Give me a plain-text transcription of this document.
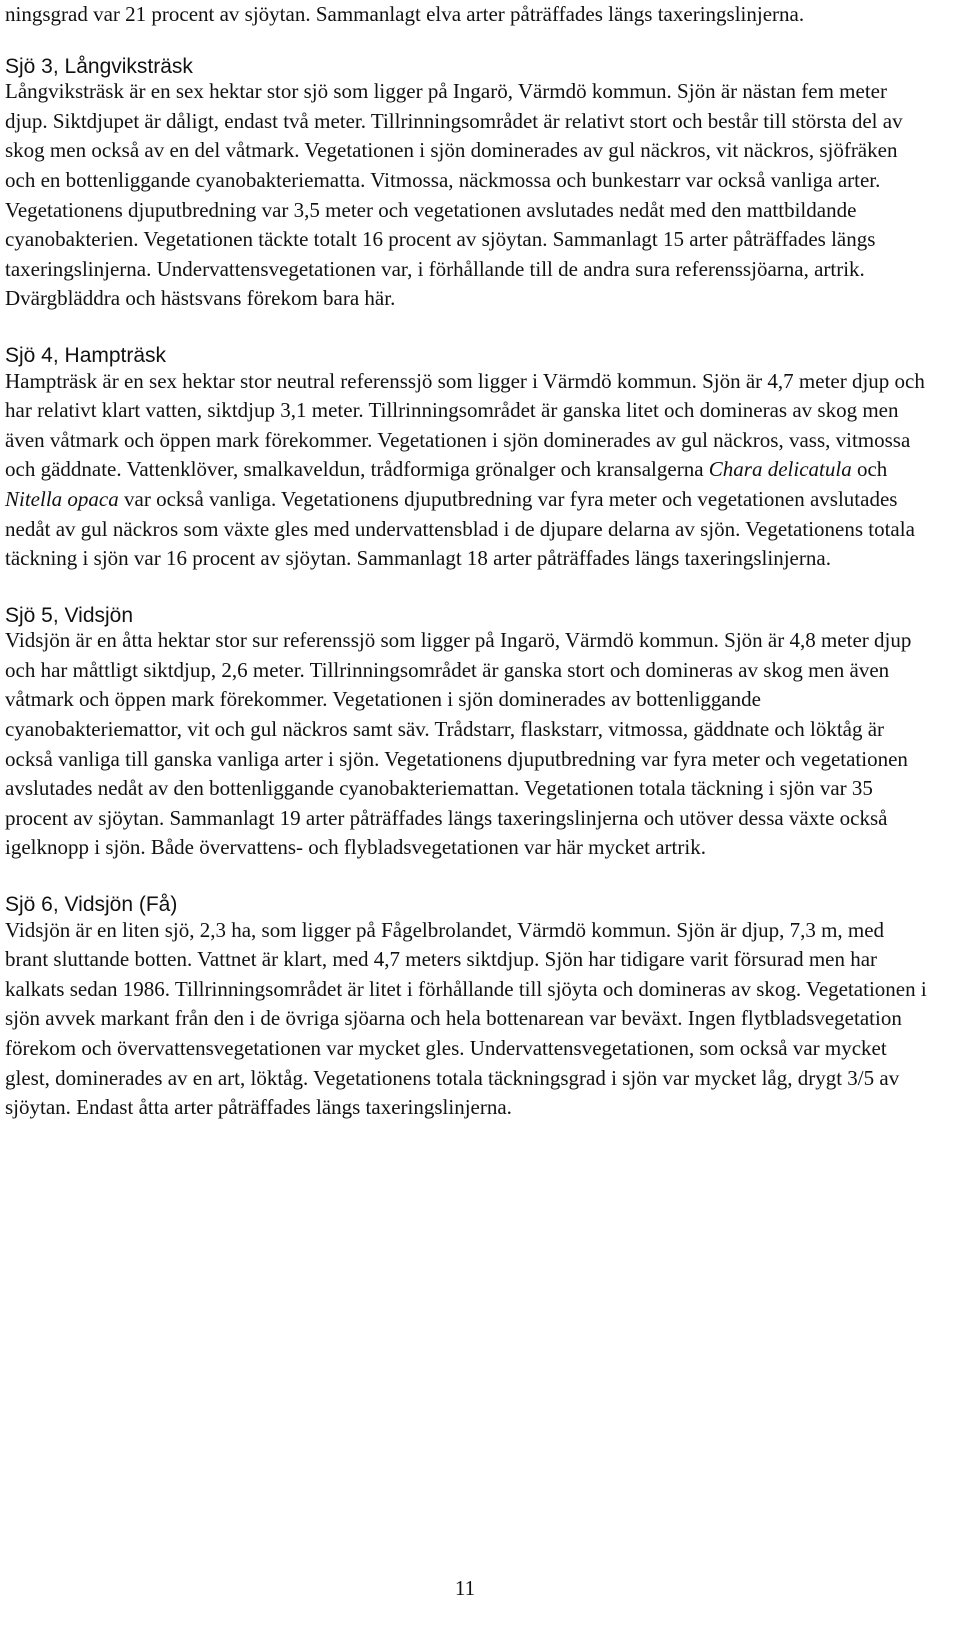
ningsgrad var 21 procent av sjöytan. Sammanlagt elva arter påträffades längs taxeringslinjerna.

Sjö 3, Långviksträsk

Långviksträsk är en sex hektar stor sjö som ligger på Ingarö, Värmdö kommun. Sjön är nästan fem meter djup. Siktdjupet är dåligt, endast två meter. Tillrinningsområdet är relativt stort och består till största del av skog men också av en del våtmark. Vegetationen i sjön dominerades av gul näckros, vit näckros, sjöfräken och en bottenliggande cyanobakteriematta. Vitmossa, näckmossa och bunkestarr var också vanliga arter. Vegetationens djuputbredning var 3,5 meter och vegetationen avslutades nedåt med den mattbildande cyanobakterien. Vegetationen täckte totalt 16 procent av sjöytan. Sammanlagt 15 arter påträffades längs taxeringslinjerna. Undervattensvegetationen var, i förhållande till de andra sura referenssjöarna, artrik. Dvärgbläddra och hästsvans förekom bara här.

Sjö 4, Hampträsk

Hampträsk är en sex hektar stor neutral referenssjö som ligger i Värmdö kommun. Sjön är 4,7 meter djup och har relativt klart vatten, siktdjup 3,1 meter. Tillrinningsområdet är ganska litet och domineras av skog men även våtmark och öppen mark förekommer. Vegetationen i sjön dominerades av gul näckros, vass, vitmossa och gäddnate. Vattenklöver, smalkaveldun, trådformiga grönalger och kransalgerna Chara delicatula och Nitella opaca var också vanliga. Vegetationens djuputbredning var fyra meter och vegetationen avslutades nedåt av gul näckros som växte gles med undervattensblad i de djupare delarna av sjön. Vegetationens totala täckning i sjön var 16 procent av sjöytan. Sammanlagt 18 arter påträffades längs taxeringslinjerna.

Sjö 5, Vidsjön

Vidsjön är en åtta hektar stor sur referenssjö som ligger på Ingarö, Värmdö kommun. Sjön är 4,8 meter djup och har måttligt siktdjup, 2,6 meter. Tillrinningsområdet är ganska stort och domineras av skog men även våtmark och öppen mark förekommer. Vegetationen i sjön dominerades av bottenliggande cyanobakteriemattor, vit och gul näckros samt säv. Trådstarr, flaskstarr, vitmossa, gäddnate och löktåg är också vanliga till ganska vanliga arter i sjön. Vegetationens djuputbredning var fyra meter och vegetationen avslutades nedåt av den bottenliggande cyanobakteriemattan. Vegetationen totala täckning i sjön var 35 procent av sjöytan. Sammanlagt 19 arter påträffades längs taxeringslinjerna och utöver dessa växte också igelknopp i sjön. Både övervattens- och flybladsvegetationen var här mycket artrik.

Sjö 6, Vidsjön (Få)

Vidsjön är en liten sjö, 2,3 ha, som ligger på Fågelbrolandet, Värmdö kommun. Sjön är djup, 7,3 m, med brant sluttande botten. Vattnet är klart, med 4,7 meters siktdjup. Sjön har tidigare varit försurad men har kalkats sedan 1986. Tillrinningsområdet är litet i förhållande till sjöyta och domineras av skog. Vegetationen i sjön avvek markant från den i de övriga sjöarna och hela bottenarean var beväxt. Ingen flytbladsvegetation förekom och övervattensvegetationen var mycket gles. Undervattensvegetationen, som också var mycket glest, dominerades av en art, löktåg. Vegetationens totala täckningsgrad i sjön var mycket låg, drygt 3/5 av sjöytan. Endast åtta arter påträffades längs taxeringslinjerna.

11
